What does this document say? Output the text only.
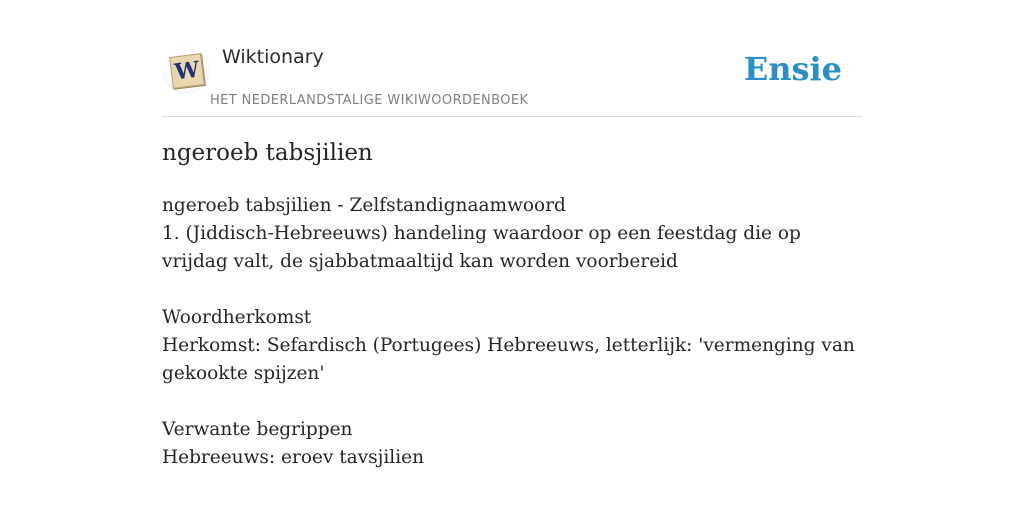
W Wiktionary
HET NEDERLANDSTALIGE WIKIWOORDENBOEK
Ensie
ngeroeb tabsjilien

ngeroeb tabsjilien - Zelfstandignaamwoord

1. (Jiddisch-Hebreeuws) handeling waardoor op een feestdag die op vrijdag valt, de sjabbatmaaltijd kan worden voorbereid

Woordherkomst

Herkomst: Sefardisch (Portugees) Hebreeuws, letterlijk: 'vermenging van gekookte spijzen'

Verwante begrippen

Hebreeuws: eroev tavsjilien
